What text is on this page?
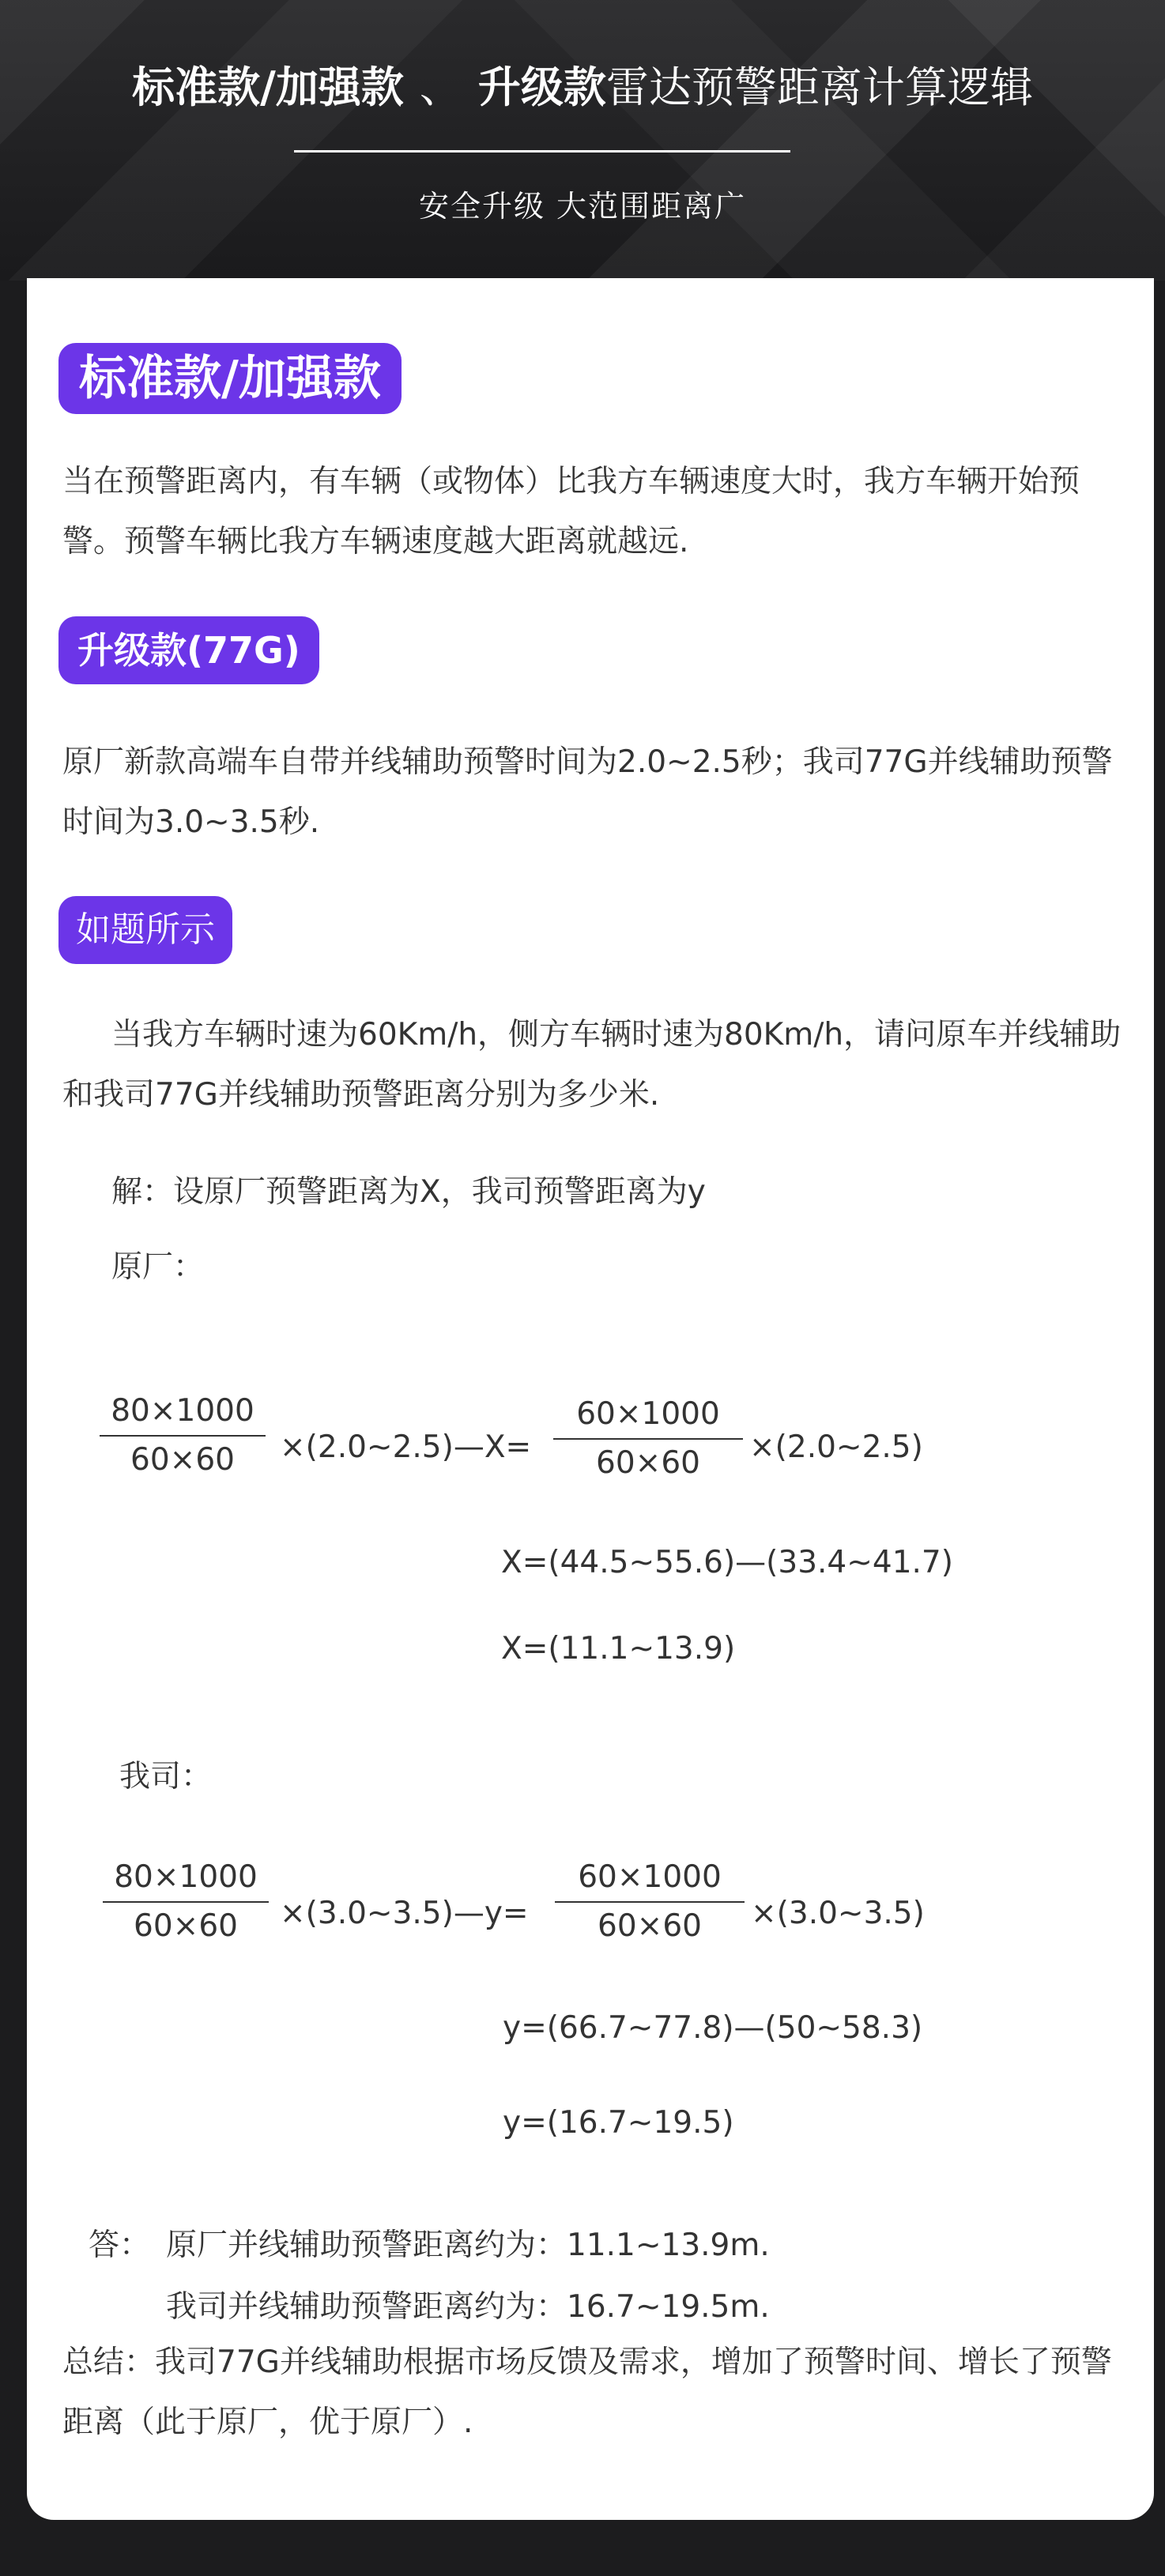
标准款/加强款 、 升级款雷达预警距离计算逻辑
安全升级 大范围距离广
标准款/加强款

当在预警距离内，有车辆（或物体）比我方车辆速度大时，我方车辆开始预警。预警车辆比我方车辆速度越大距离就越远.

升级款(77G)

原厂新款高端车自带并线辅助预警时间为2.0~2.5秒；我司77G并线辅助预警时间为3.0~3.5秒.

如题所示

当我方车辆时速为60Km/h，侧方车辆时速为80Km/h，请问原车并线辅助和我司77G并线辅助预警距离分别为多少米.

解：设原厂预警距离为X，我司预警距离为y
原厂：
80×1000
60×60	×(2.0~2.5)—X=
60×1000
60×60	×(2.0~2.5)
X=(44.5~55.6)—(33.4~41.7)
X=(11.1~13.9)
我司：
80×1000
60×60	×(3.0~3.5)—y=
60×1000
60×60	×(3.0~3.5)
y=(66.7~77.8)—(50~58.3)
y=(16.7~19.5)
答： 原厂并线辅助预警距离约为：11.1~13.9m.
我司并线辅助预警距离约为：16.7~19.5m.

总结：我司77G并线辅助根据市场反馈及需求，增加了预警时间、增长了预警距离（此于原厂，优于原厂）.
